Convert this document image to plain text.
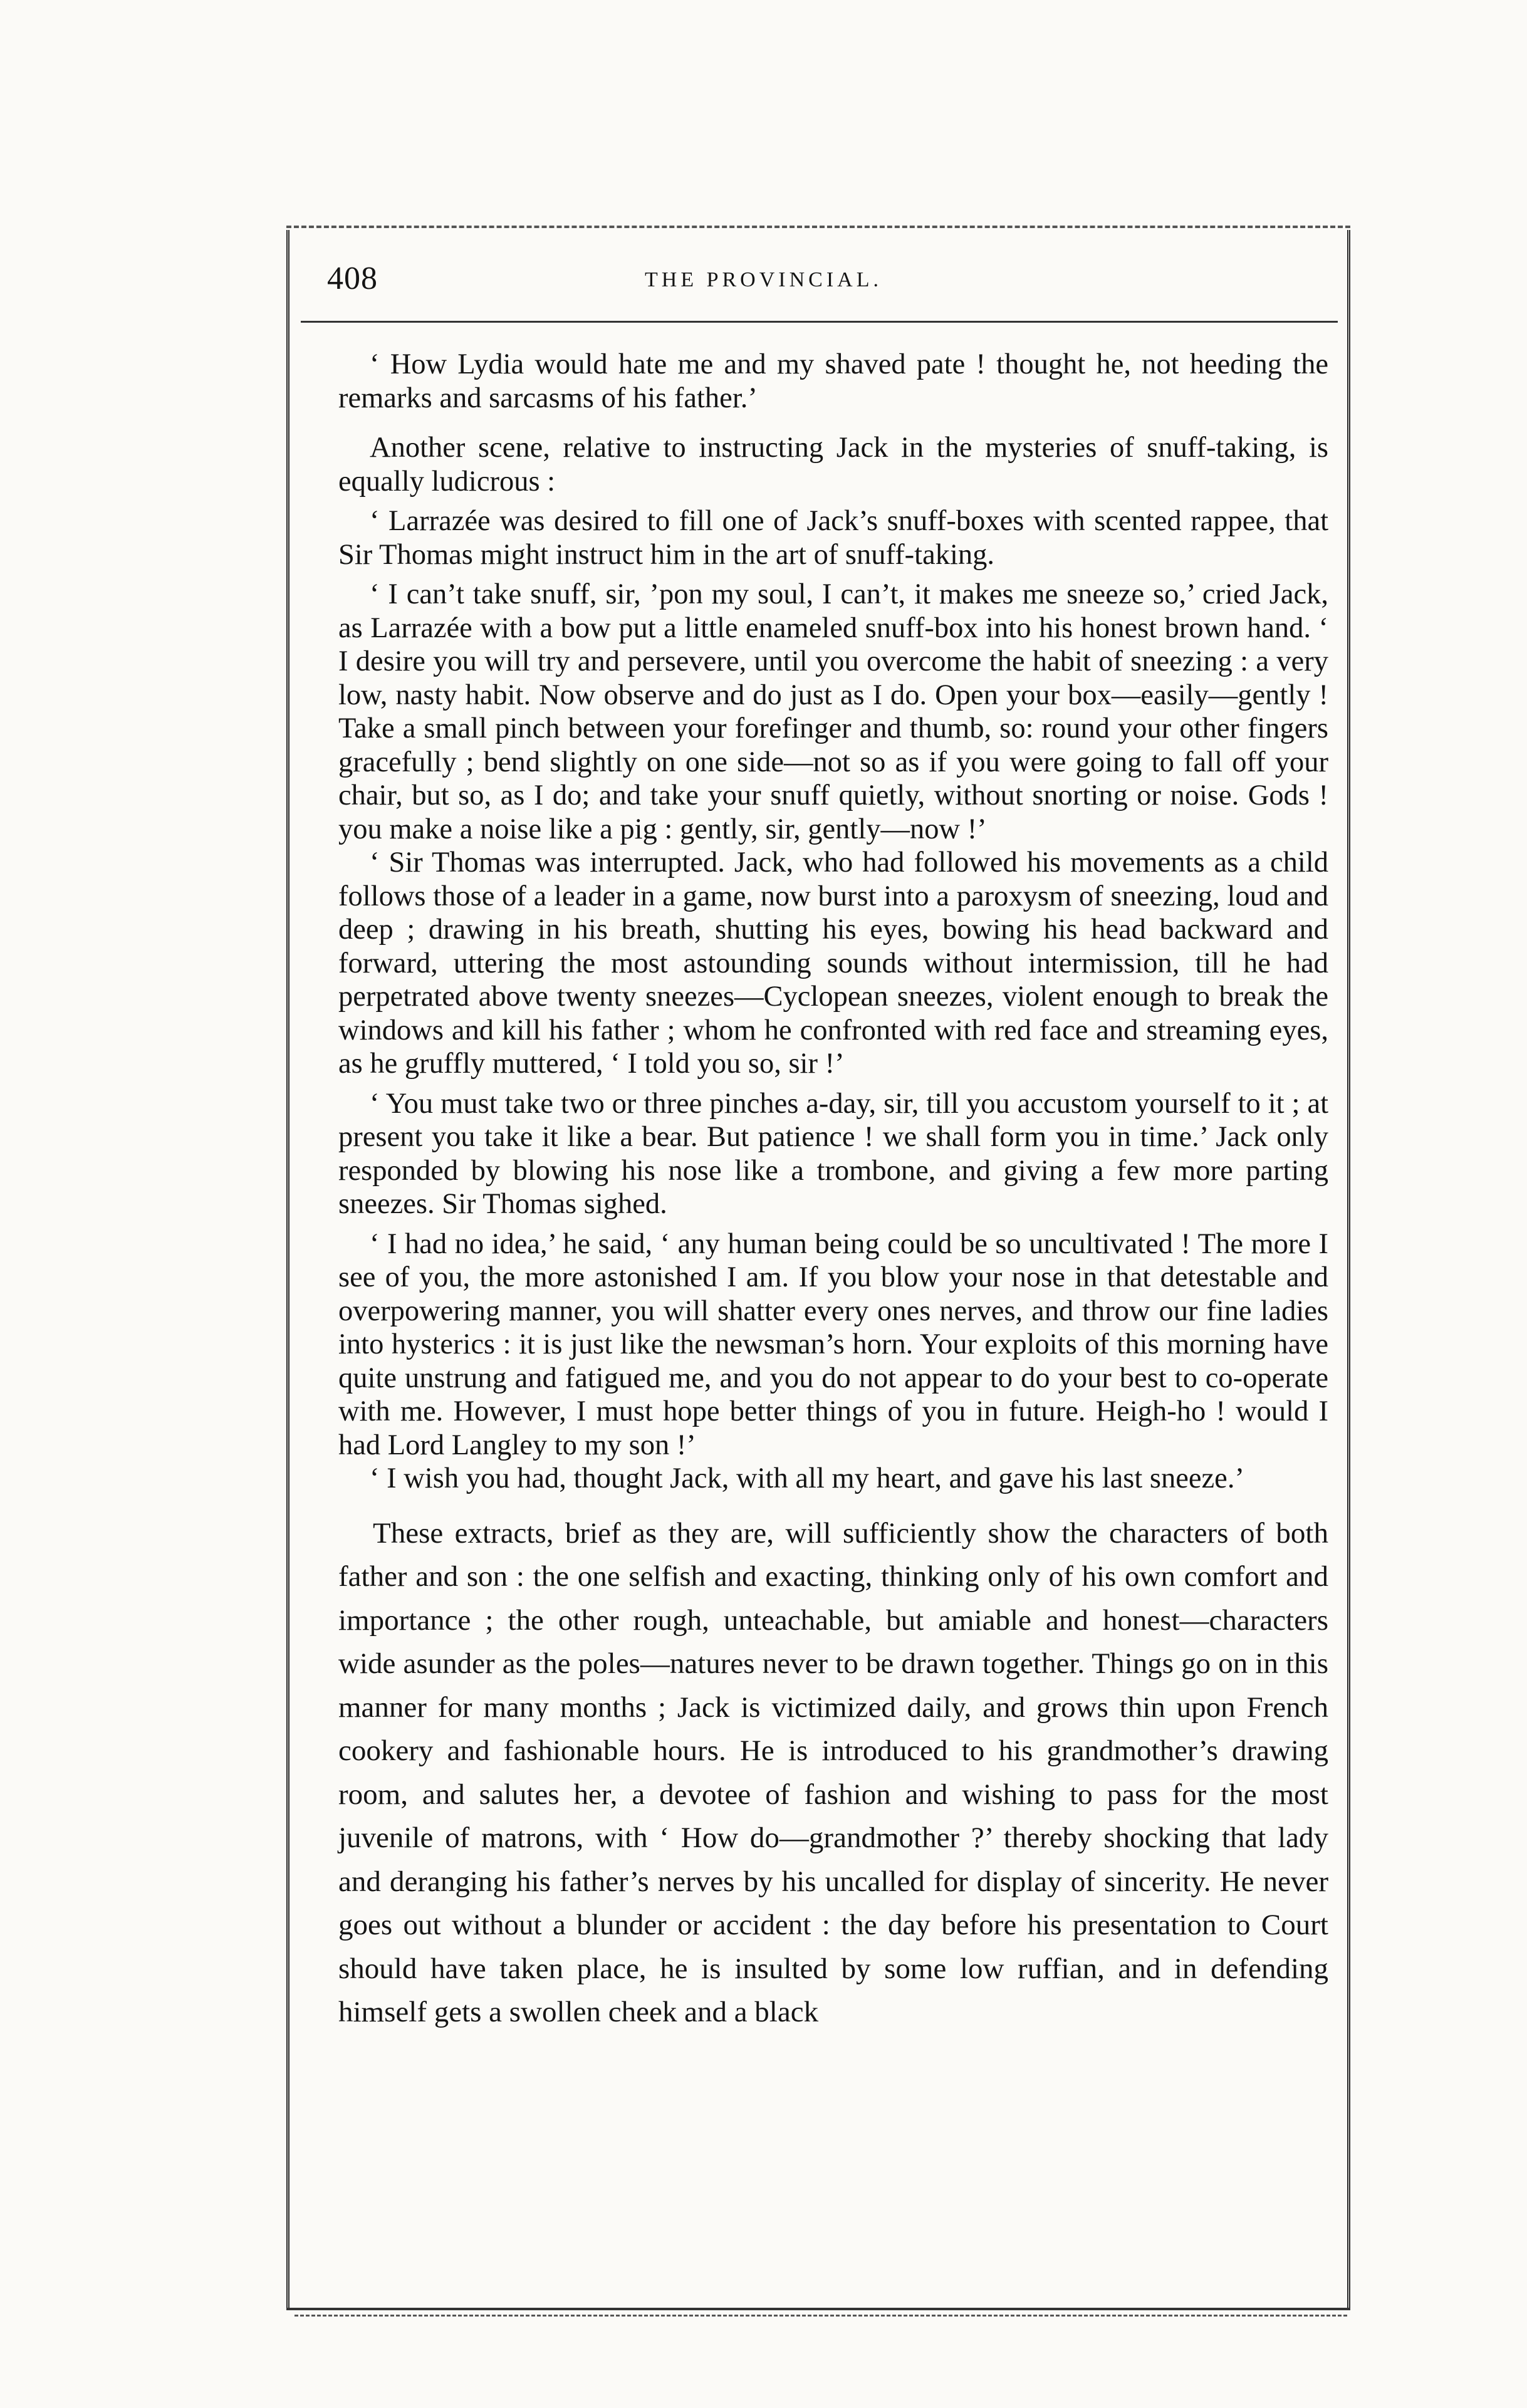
408	THE PROVINCIAL.

‘ How Lydia would hate me and my shaved pate ! thought he, not heeding the remarks and sarcasms of his father.’

Another scene, relative to instructing Jack in the mysteries of snuff-taking, is equally ludicrous :

‘ Larrazée was desired to fill one of Jack’s snuff-boxes with scented rappee, that Sir Thomas might instruct him in the art of snuff-taking.

‘ I can’t take snuff, sir, ’pon my soul, I can’t, it makes me sneeze so,’ cried Jack, as Larrazée with a bow put a little enameled snuff-box into his honest brown hand. ‘ I desire you will try and persevere, until you overcome the habit of sneezing : a very low, nasty habit. Now observe and do just as I do. Open your box—easily—gently ! Take a small pinch between your forefinger and thumb, so: round your other fingers gracefully ; bend slightly on one side—not so as if you were going to fall off your chair, but so, as I do; and take your snuff quietly, without snorting or noise. Gods ! you make a noise like a pig : gently, sir, gently—now !’

‘ Sir Thomas was interrupted. Jack, who had followed his movements as a child follows those of a leader in a game, now burst into a paroxysm of sneezing, loud and deep ; drawing in his breath, shutting his eyes, bowing his head backward and forward, uttering the most astounding sounds without intermission, till he had perpetrated above twenty sneezes—Cyclopean sneezes, violent enough to break the windows and kill his father ; whom he confronted with red face and streaming eyes, as he gruffly muttered, ‘ I told you so, sir !’

‘ You must take two or three pinches a-day, sir, till you accustom yourself to it ; at present you take it like a bear. But patience ! we shall form you in time.’ Jack only responded by blowing his nose like a trombone, and giving a few more parting sneezes. Sir Thomas sighed.

‘ I had no idea,’ he said, ‘ any human being could be so uncultivated ! The more I see of you, the more astonished I am. If you blow your nose in that detestable and overpowering manner, you will shatter every ones nerves, and throw our fine ladies into hysterics : it is just like the newsman’s horn. Your exploits of this morning have quite unstrung and fatigued me, and you do not appear to do your best to co-operate with me. However, I must hope better things of you in future. Heigh-ho ! would I had Lord Langley to my son !’

‘ I wish you had, thought Jack, with all my heart, and gave his last sneeze.’

These extracts, brief as they are, will sufficiently show the characters of both father and son : the one selfish and exacting, thinking only of his own comfort and importance ; the other rough, unteachable, but amiable and honest—characters wide asunder as the poles—natures never to be drawn together. Things go on in this manner for many months ; Jack is victimized daily, and grows thin upon French cookery and fashionable hours. He is introduced to his grandmother’s drawing room, and salutes her, a devotee of fashion and wishing to pass for the most juvenile of matrons, with ‘ How do—grandmother ?’ thereby shocking that lady and deranging his father’s nerves by his uncalled for display of sincerity. He never goes out without a blunder or accident : the day before his presentation to Court should have taken place, he is insulted by some low ruffian, and in defending himself gets a swollen cheek and a black
